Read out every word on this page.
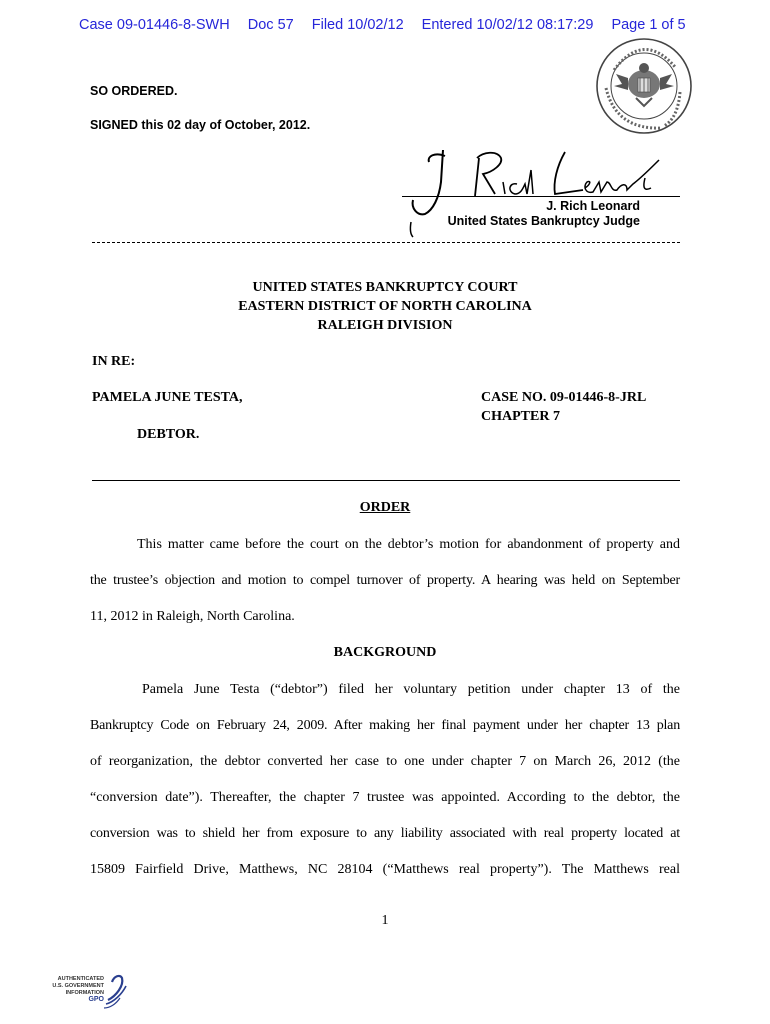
Case 09-01446-8-SWH Doc 57 Filed 10/02/12 Entered 10/02/12 08:17:29 Page 1 of 5
SO ORDERED.
SIGNED this 02 day of October, 2012.
J. Rich Leonard
United States Bankruptcy Judge
UNITED STATES BANKRUPTCY COURT
EASTERN DISTRICT OF NORTH CAROLINA
RALEIGH DIVISION
IN RE:
PAMELA JUNE TESTA,	CASE NO. 09-01446-8-JRL
CHAPTER 7
DEBTOR.
ORDER
This matter came before the court on the debtor’s motion for abandonment of property and
the trustee’s objection and motion to compel turnover of property. A hearing was held on September
11, 2012 in Raleigh, North Carolina.
BACKGROUND
Pamela June Testa (“debtor”) filed her voluntary petition under chapter 13 of the
Bankruptcy Code on February 24, 2009. After making her final payment under her chapter 13 plan
of reorganization, the debtor converted her case to one under chapter 7 on March 26, 2012 (the
“conversion date”). Thereafter, the chapter 7 trustee was appointed. According to the debtor, the
conversion was to shield her from exposure to any liability associated with real property located at
15809 Fairfield Drive, Matthews, NC 28104 (“Matthews real property”). The Matthews real
1
AUTHENTICATED
U.S. GOVERNMENT
INFORMATION
GPO
